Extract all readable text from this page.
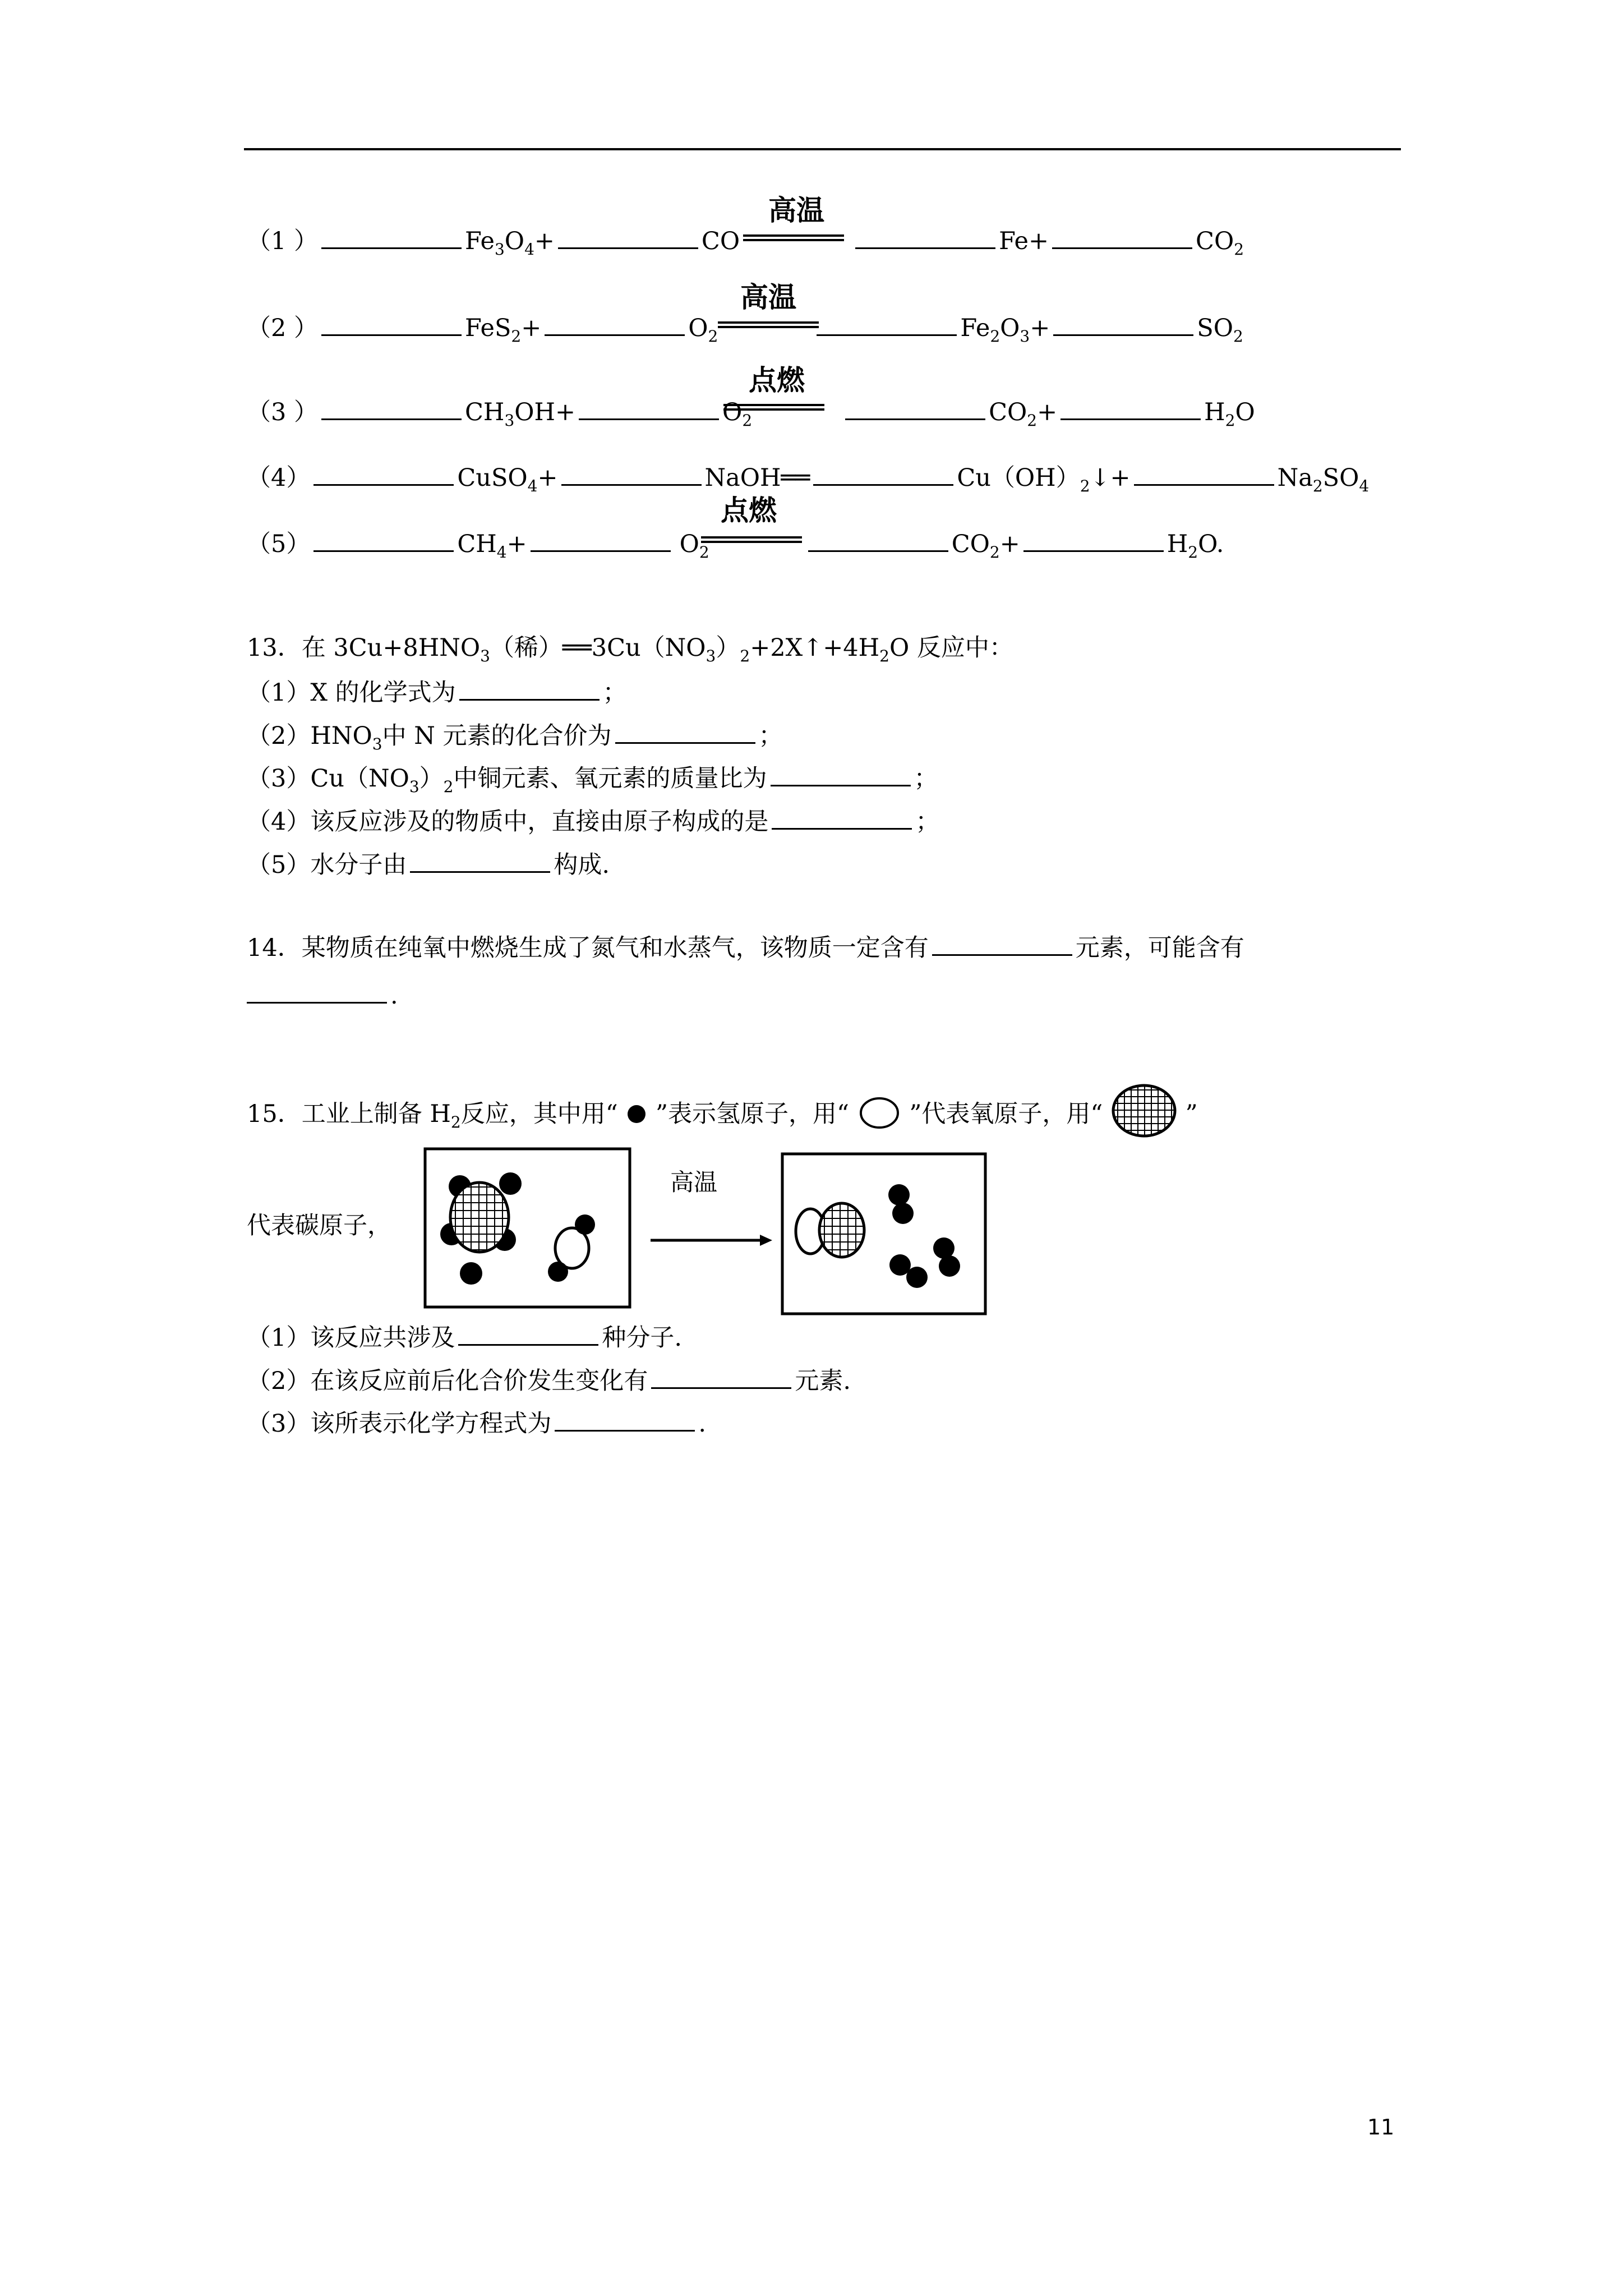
（1 ）	$Fe_3O_4+$	CO	Fe+	$CO_2$
高温
（2 ）	FeS$_2$+	$O_2$	$Fe_2O_3+$	$SO_2$
高温
（3 ）	$CH_3OH+$	$O_2$	$CO_2+$	$H_2O$
点燃
（4）	CuSO$_4$+	NaOH══	$Cu(OH)_2↓+$	$Na_2SO_4$
（5）	$CH_4+$	$O_2$	$CO_2+$	$H_2O$.
点燃
13．在 $3Cu+8HNO_3$（稀）$══3Cu(NO_3)_2+2X↑+4H_2O$ 反应中：
（1）X 的化学式为	；
$(2)HNO_3$中 N 元素的化合价为	；
$(3)Cu(NO_3)_2$中铜元素、氧元素的质量比为	；
（4）该反应涉及的物质中，直接由原子构成的是	；
（5）水分子由	构成.
14．某物质在纯氧中燃烧生成了氮气和水蒸气，该物质一定含有	元素，可能含有
.
15．工业上制备 $H_2$反应，其中用“ ”表示氢原子，用“ ”代表氧原子，用“	”
代表碳原子，
高温
（1）该反应共涉及	种分子.
（2）在该反应前后化合价发生变化有	元素.
（3）该所表示化学方程式为	.
11
